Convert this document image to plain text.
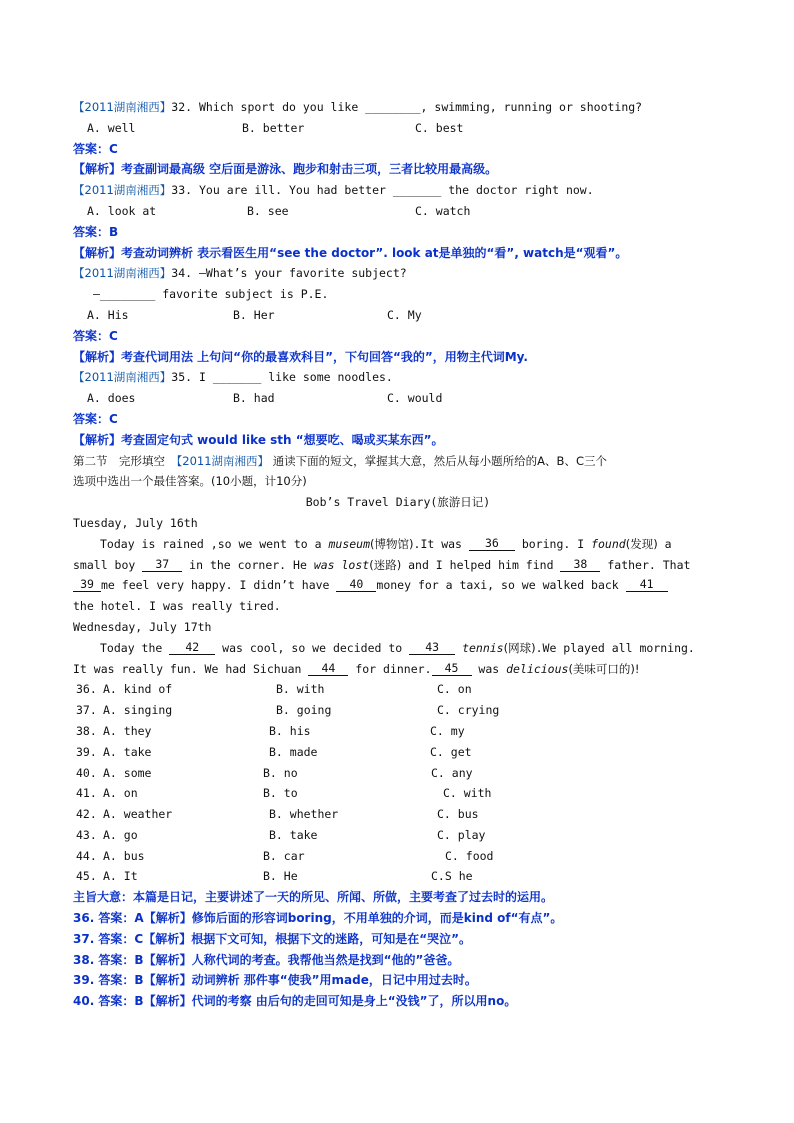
【2011湖南湘西】32. Which sport do you like ________, swimming, running or shooting?
A. well	B. better	C. best
答案：C
【解析】考查副词最高级 空后面是游泳、跑步和射击三项，三者比较用最高级。
【2011湖南湘西】33. You are ill. You had better _______ the doctor right now.
A. look at	B. see	C. watch
答案：B
【解析】考查动词辨析 表示看医生用“see the doctor”. look at是单独的“看”, watch是“观看”。
【2011湖南湘西】34. —What’s your favorite subject?
—________ favorite subject is P.E.
A. His	B. Her	C. My
答案：C
【解析】考查代词用法 上句问“你的最喜欢科目”，下句回答“我的”，用物主代词My.
【2011湖南湘西】35. I _______ like some noodles.
A. does	B. had	C. would
答案：C
【解析】考查固定句式 would like sth “想要吃、喝或买某东西”。
第二节　完形填空　 【2011湖南湘西】 通读下面的短文，掌握其大意，然后从每小题所给的A、B、C三个
选项中选出一个最佳答案。(10小题，计10分)
Bob’s Travel Diary(旅游日记)
Tuesday, July 16th
Today is rained ,so we went to a museum(博物馆).It was 36 boring. I found(发现) a
small boy 37 in the corner. He was lost(迷路) and I helped him find 38 father. That
39 me feel very happy. I didn’t have 40 money for a taxi, so we walked back 41
the hotel. I was really tired.
Wednesday, July 17th
Today the 42 was cool, so we decided to 43 tennis(网球).We played all morning.
It was really fun. We had Sichuan 44 for dinner. 45 was delicious(美味可口的)!
36. A. kind of	B. with	C. on
37. A. singing	B. going	C. crying
38. A. they	B. his	C. my
39. A. take	B. made	C. get
40. A. some	B. no	C. any
41. A. on	B. to	C. with
42. A. weather	B. whether	C. bus
43. A. go	B. take	C. play
44. A. bus	B. car	C. food
45. A. It	B. He	C.S he
主旨大意：本篇是日记，主要讲述了一天的所见、所闻、所做，主要考查了过去时的运用。
36. 答案：A【解析】修饰后面的形容词boring，不用单独的介词，而是kind of“有点”。
37. 答案：C【解析】根据下文可知，根据下文的迷路，可知是在“哭泣”。
38. 答案：B【解析】人称代词的考查。我帮他当然是找到“他的”爸爸。
39. 答案：B【解析】动词辨析 那件事“使我”用made，日记中用过去时。
40. 答案：B【解析】代词的考察 由后句的走回可知是身上“没钱”了，所以用no。
